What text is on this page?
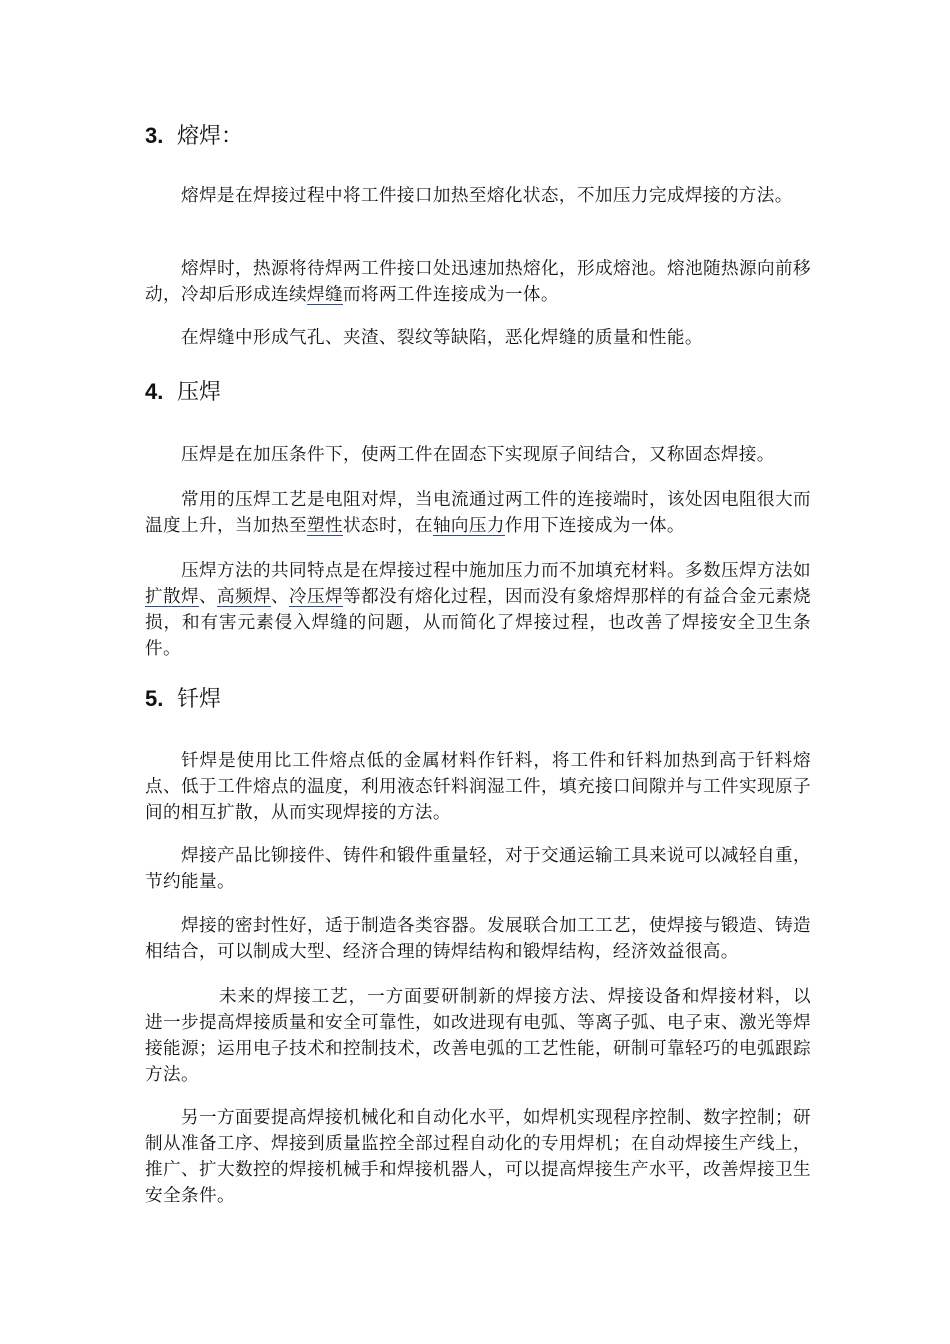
3. 熔焊：

熔焊是在焊接过程中将工件接口加热至熔化状态，不加压力完成焊接的方法。

熔焊时，热源将待焊两工件接口处迅速加热熔化，形成熔池。熔池随热源向前移动，冷却后形成连续焊缝而将两工件连接成为一体。

在焊缝中形成气孔、夹渣、裂纹等缺陷，恶化焊缝的质量和性能。

4. 压焊

压焊是在加压条件下，使两工件在固态下实现原子间结合，又称固态焊接。

常用的压焊工艺是电阻对焊，当电流通过两工件的连接端时，该处因电阻很大而温度上升，当加热至塑性状态时，在轴向压力作用下连接成为一体。

压焊方法的共同特点是在焊接过程中施加压力而不加填充材料。多数压焊方法如扩散焊、高频焊、冷压焊等都没有熔化过程，因而没有象熔焊那样的有益合金元素烧损，和有害元素侵入焊缝的问题，从而简化了焊接过程，也改善了焊接安全卫生条件。

5. 钎焊

钎焊是使用比工件熔点低的金属材料作钎料，将工件和钎料加热到高于钎料熔点、低于工件熔点的温度，利用液态钎料润湿工件，填充接口间隙并与工件实现原子间的相互扩散，从而实现焊接的方法。

焊接产品比铆接件、铸件和锻件重量轻，对于交通运输工具来说可以减轻自重，节约能量。

焊接的密封性好，适于制造各类容器。发展联合加工工艺，使焊接与锻造、铸造相结合，可以制成大型、经济合理的铸焊结构和锻焊结构，经济效益很高。

未来的焊接工艺，一方面要研制新的焊接方法、焊接设备和焊接材料，以进一步提高焊接质量和安全可靠性，如改进现有电弧、等离子弧、电子束、激光等焊接能源；运用电子技术和控制技术，改善电弧的工艺性能，研制可靠轻巧的电弧跟踪方法。

另一方面要提高焊接机械化和自动化水平，如焊机实现程序控制、数字控制；研制从准备工序、焊接到质量监控全部过程自动化的专用焊机；在自动焊接生产线上，推广、扩大数控的焊接机械手和焊接机器人，可以提高焊接生产水平，改善焊接卫生安全条件。
